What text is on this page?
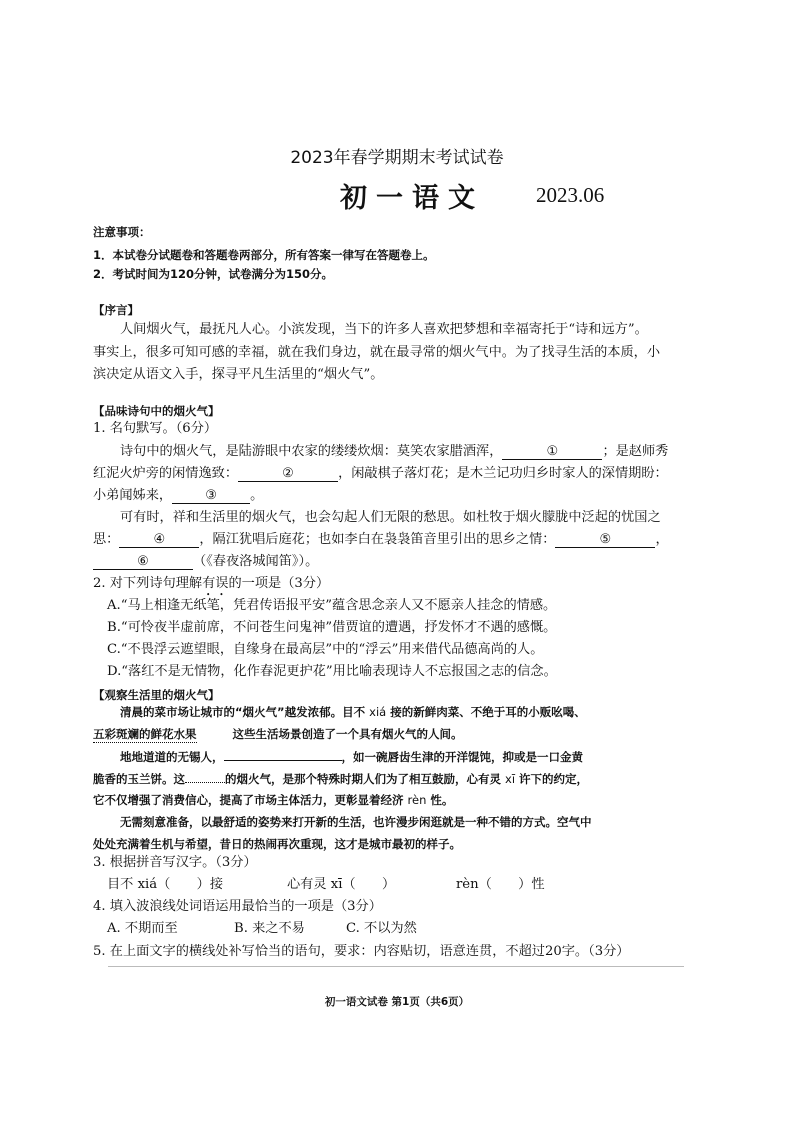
2023年春学期期末考试试卷
初一语文 2023.06
注意事项：
1．本试卷分试题卷和答题卷两部分，所有答案一律写在答题卷上。
2．考试时间为120分钟，试卷满分为150分。
【序言】
人间烟火气，最抚凡人心。小滨发现，当下的许多人喜欢把梦想和幸福寄托于“诗和远方”。
事实上，很多可知可感的幸福，就在我们身边，就在最寻常的烟火气中。为了找寻生活的本质，小
滨决定从语文入手，探寻平凡生活里的“烟火气”。
【品味诗句中的烟火气】
1. 名句默写。（6分）
诗句中的烟火气，是陆游眼中农家的缕缕炊烟：莫笑农家腊酒浑，	①	；是赵师秀
红泥火炉旁的闲情逸致：	②	，闲敲棋子落灯花；是木兰记功归乡时家人的深情期盼：
小弟闻姊来，	③	。
可有时，祥和生活里的烟火气，也会勾起人们无限的愁思。如杜牧于烟火朦胧中泛起的忧国之
思：	④	，隔江犹唱后庭花；也如李白在袅袅笛音里引出的思乡之情：	⑤	，
⑥	（《春夜洛城闻笛》）。
2. 对下列诗句理解有误的一项是（3分）
A.“马上相逢无纸笔，凭君传语报平安”蕴含思念亲人又不愿亲人挂念的情感。
B.“可怜夜半虚前席，不问苍生问鬼神”借贾谊的遭遇，抒发怀才不遇的感慨。
C.“不畏浮云遮望眼，自缘身在最高层”中的“浮云”用来借代品德高尚的人。
D.“落红不是无情物，化作春泥更护花”用比喻表现诗人不忘报国之志的信念。
【观察生活里的烟火气】
清晨的菜市场让城市的“烟火气”越发浓郁。目不 xiá 接的新鲜肉菜、不绝于耳的小贩吆喝、
五彩斑斓的鲜花水果	这些生活场景创造了一个具有烟火气的人间。
地地道道的无锡人，	，如一碗唇齿生津的开洋馄饨，抑或是一口金黄
脆香的玉兰饼。这	的烟火气，是那个特殊时期人们为了相互鼓励，心有灵 xī 许下的约定，
它不仅增强了消费信心，提高了市场主体活力，更彰显着经济 rèn 性。
无需刻意准备，以最舒适的姿势来打开新的生活，也许漫步闲逛就是一种不错的方式。空气中
处处充满着生机与希望，昔日的热闹再次重现，这才是城市最初的样子。
3. 根据拼音写汉字。（3分）
目不 xiá（　　）接	心有灵 xī（　　）	rèn（　　）性
4. 填入波浪线处词语运用最恰当的一项是（3分）
A. 不期而至	B. 来之不易	C. 不以为然
5. 在上面文字的横线处补写恰当的语句，要求：内容贴切，语意连贯，不超过20字。（3分）
初一语文试卷 第1页（共6页）
